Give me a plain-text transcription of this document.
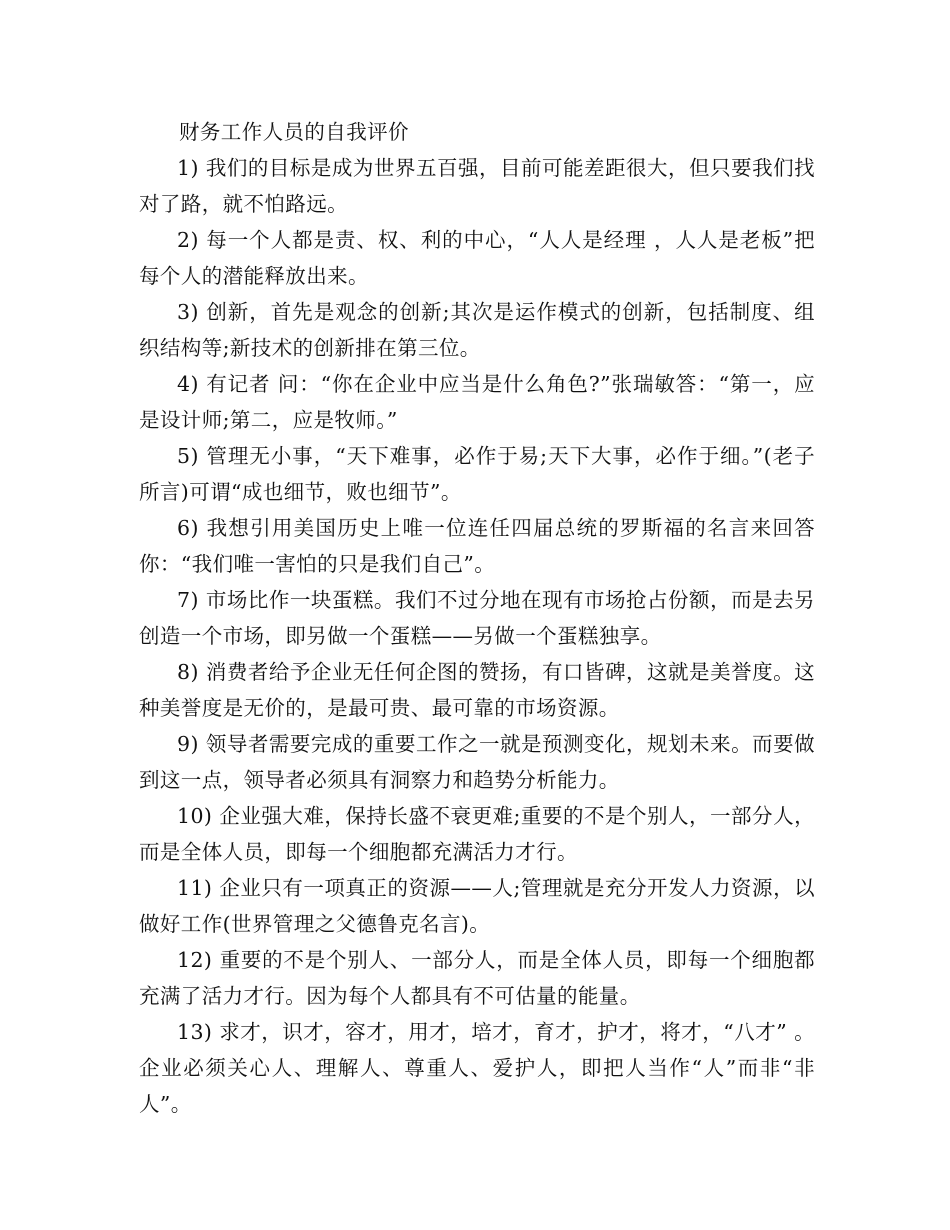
财务工作人员的自我评价

1) 我们的目标是成为世界五百强，目前可能差距很大，但只要我们找对了路，就不怕路远。

2) 每一个人都是责、权、利的中心，“人人是经理 ，人人是老板”把每个人的潜能释放出来。

3) 创新，首先是观念的创新;其次是运作模式的创新，包括制度、组织结构等;新技术的创新排在第三位。

4) 有记者 问：“你在企业中应当是什么角色?”张瑞敏答：“第一，应是设计师;第二，应是牧师。”

5) 管理无小事，“天下难事，必作于易;天下大事，必作于细。”(老子所言)可谓“成也细节，败也细节”。

6) 我想引用美国历史上唯一位连任四届总统的罗斯福的名言来回答你：“我们唯一害怕的只是我们自己”。

7) 市场比作一块蛋糕。我们不过分地在现有市场抢占份额，而是去另创造一个市场，即另做一个蛋糕——另做一个蛋糕独享。

8) 消费者给予企业无任何企图的赞扬，有口皆碑，这就是美誉度。这种美誉度是无价的，是最可贵、最可靠的市场资源。

9) 领导者需要完成的重要工作之一就是预测变化，规划未来。而要做到这一点，领导者必须具有洞察力和趋势分析能力。

10) 企业强大难，保持长盛不衰更难;重要的不是个别人，一部分人，而是全体人员，即每一个细胞都充满活力才行。

11) 企业只有一项真正的资源——人;管理就是充分开发人力资源，以做好工作(世界管理之父德鲁克名言)。

12) 重要的不是个别人、一部分人，而是全体人员，即每一个细胞都充满了活力才行。因为每个人都具有不可估量的能量。

13) 求才，识才，容才，用才，培才，育才，护才，将才，“八才” 。企业必须关心人、理解人、尊重人、爱护人，即把人当作“人”而非“非人”。
